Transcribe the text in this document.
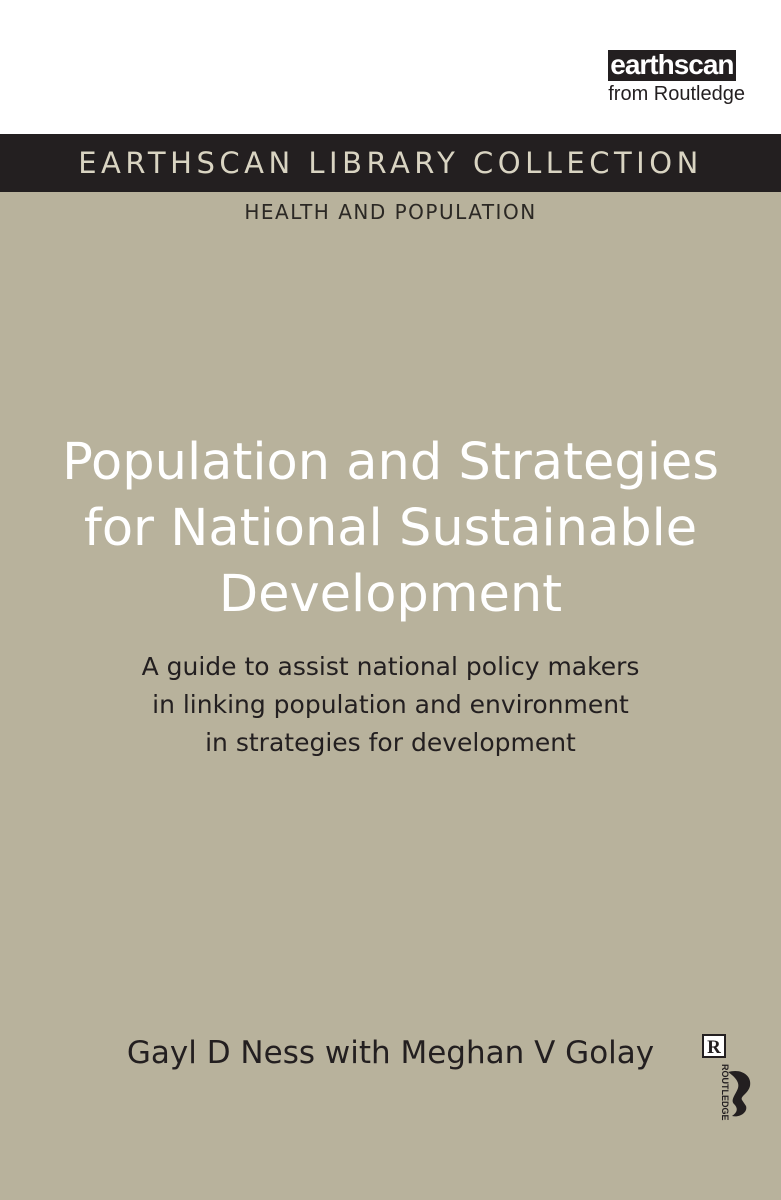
earthscan
from Routledge
EARTHSCAN LIBRARY COLLECTION
HEALTH AND POPULATION
Population and Strategies
for National Sustainable
Development
A guide to assist national policy makers
in linking population and environment
in strategies for development
Gayl D Ness with Meghan V Golay	R
ROUTLEDGE
